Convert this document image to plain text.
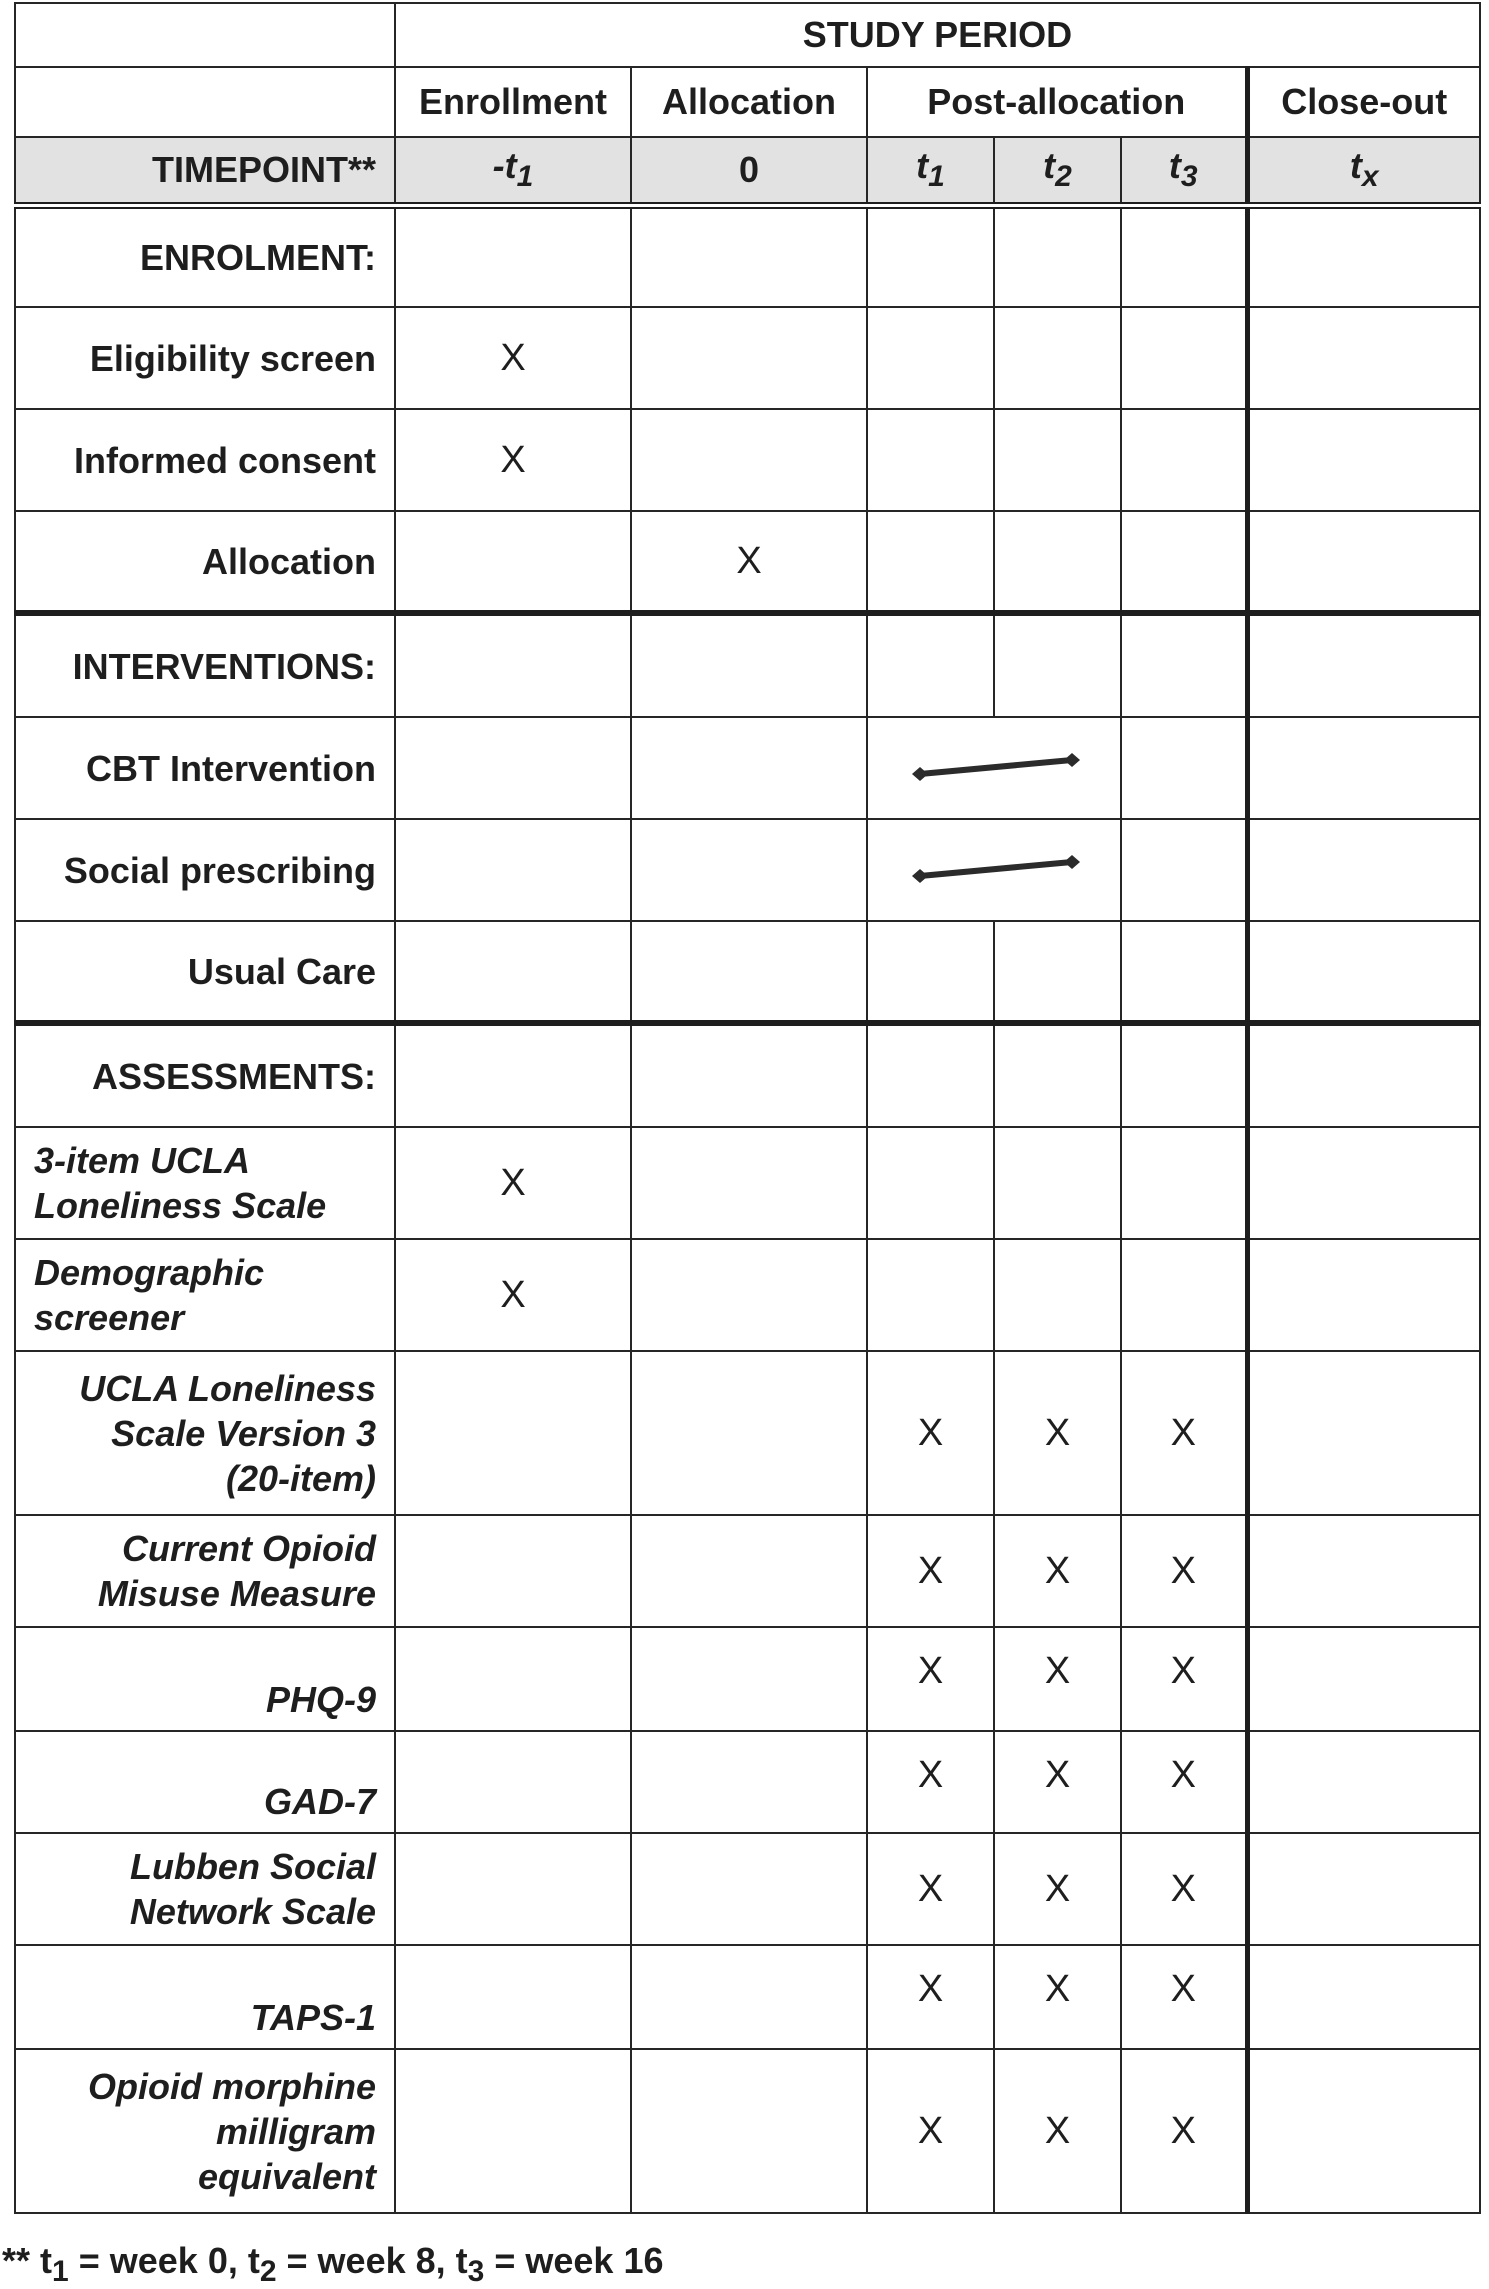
	STUDY PERIOD					
	Enrollment	Allocation	Post-allocation			Close-out
TIMEPOINT**	$-t_1$	0	$t_1$	$t_2$	$t_3$	$t_x$
ENROLMENT:						
Eligibility screen	X					
Informed consent	X					
Allocation		X				
INTERVENTIONS:						
CBT Intervention					
Social prescribing					
Usual Care						
ASSESSMENTS:						
3-item UCLA
Loneliness Scale	X					
Demographic
screener	X					
UCLA Loneliness
Scale Version 3
(20-item)			X	X	X	
Current Opioid
Misuse Measure			X	X	X	
PHQ-9			X	X	X	
GAD-7			X	X	X	
Lubben Social
Network Scale			X	X	X	
TAPS-1			X	X	X	
Opioid morphine
milligram
equivalent			X	X	X	
** $t_1$ = week 0, $t_2$ = week 8, $t_3$ = week 16
